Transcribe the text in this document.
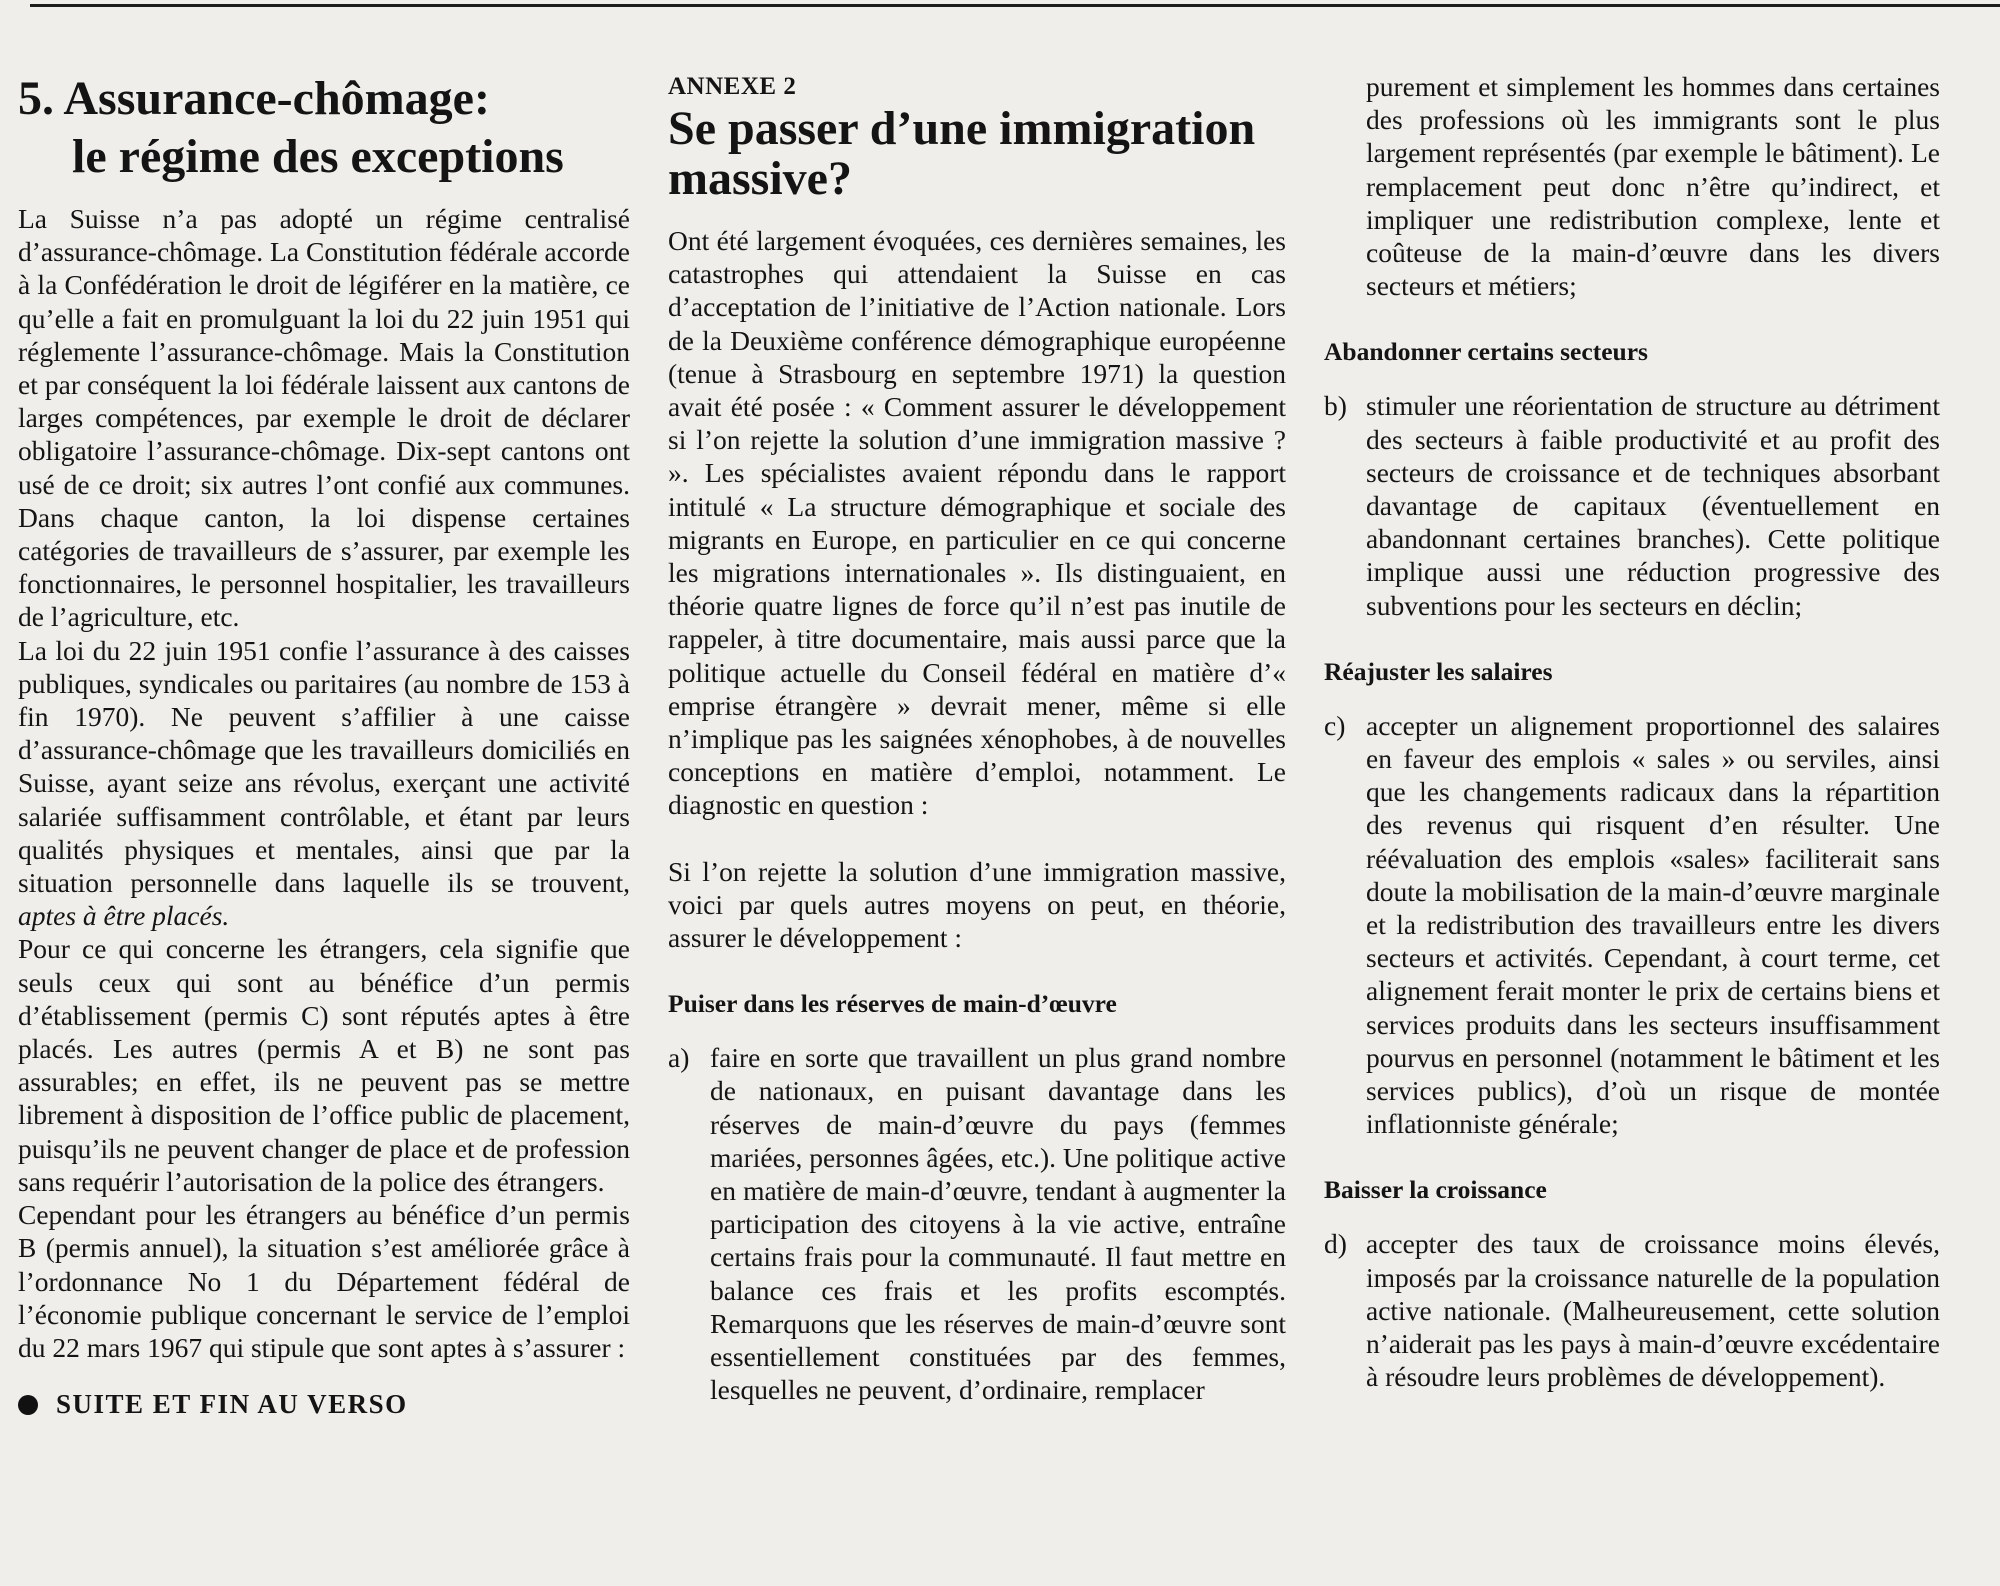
5. Assurance-chômage:
le régime des exceptions

La Suisse n’a pas adopté un régime centralisé d’assurance-chômage. La Constitution fédérale accorde à la Confédération le droit de légiférer en la matière, ce qu’elle a fait en promulguant la loi du 22 juin 1951 qui réglemente l’assurance-chômage. Mais la Constitution et par conséquent la loi fédérale laissent aux cantons de larges compétences, par exemple le droit de déclarer obligatoire l’assurance-chômage. Dix-sept cantons ont usé de ce droit; six autres l’ont confié aux communes. Dans chaque canton, la loi dispense certaines catégories de travailleurs de s’assurer, par exemple les fonctionnaires, le personnel hospitalier, les travailleurs de l’agriculture, etc.

La loi du 22 juin 1951 confie l’assurance à des caisses publiques, syndicales ou paritaires (au nombre de 153 à fin 1970). Ne peuvent s’affilier à une caisse d’assurance-chômage que les travailleurs domiciliés en Suisse, ayant seize ans révolus, exerçant une activité salariée suffisamment contrôlable, et étant par leurs qualités physiques et mentales, ainsi que par la situation personnelle dans laquelle ils se trouvent, aptes à être placés.

Pour ce qui concerne les étrangers, cela signifie que seuls ceux qui sont au bénéfice d’un permis d’établissement (permis C) sont réputés aptes à être placés. Les autres (permis A et B) ne sont pas assurables; en effet, ils ne peuvent pas se mettre librement à disposition de l’office public de placement, puisqu’ils ne peuvent changer de place et de profession sans requérir l’autorisation de la police des étrangers.

Cependant pour les étrangers au bénéfice d’un permis B (permis annuel), la situation s’est améliorée grâce à l’ordonnance No 1 du Département fédéral de l’économie publique concernant le service de l’emploi du 22 mars 1967 qui stipule que sont aptes à s’assurer :

SUITE ET FIN AU VERSO

ANNEXE 2

Se passer d’une immigration massive?

Ont été largement évoquées, ces dernières semaines, les catastrophes qui attendaient la Suisse en cas d’acceptation de l’initiative de l’Action nationale. Lors de la Deuxième conférence démographique européenne (tenue à Strasbourg en septembre 1971) la question avait été posée : « Comment assurer le développement si l’on rejette la solution d’une immigration massive ? ». Les spécialistes avaient répondu dans le rapport intitulé « La structure démographique et sociale des migrants en Europe, en particulier en ce qui concerne les migrations internationales ». Ils distinguaient, en théorie quatre lignes de force qu’il n’est pas inutile de rappeler, à titre documentaire, mais aussi parce que la politique actuelle du Conseil fédéral en matière d’« emprise étrangère » devrait mener, même si elle n’implique pas les saignées xénophobes, à de nouvelles conceptions en matière d’emploi, notamment. Le diagnostic en question :

Si l’on rejette la solution d’une immigration massive, voici par quels autres moyens on peut, en théorie, assurer le développement :

Puiser dans les réserves de main-d’œuvre
a) faire en sorte que travaillent un plus grand nombre de nationaux, en puisant davantage dans les réserves de main-d’œuvre du pays (femmes mariées, personnes âgées, etc.). Une politique active en matière de main-d’œuvre, tendant à augmenter la participation des citoyens à la vie active, entraîne certains frais pour la communauté. Il faut mettre en balance ces frais et les profits escomptés. Remarquons que les réserves de main-d’œuvre sont essentiellement constituées par des femmes, lesquelles ne peuvent, d’ordinaire, remplacer
purement et simplement les hommes dans certaines des professions où les immigrants sont le plus largement représentés (par exemple le bâtiment). Le remplacement peut donc n’être qu’indirect, et impliquer une redistribution complexe, lente et coûteuse de la main-d’œuvre dans les divers secteurs et métiers;
Abandonner certains secteurs
b) stimuler une réorientation de structure au détriment des secteurs à faible productivité et au profit des secteurs de croissance et de techniques absorbant davantage de capitaux (éventuellement en abandonnant certaines branches). Cette politique implique aussi une réduction progressive des subventions pour les secteurs en déclin;
Réajuster les salaires
c) accepter un alignement proportionnel des salaires en faveur des emplois « sales » ou serviles, ainsi que les changements radicaux dans la répartition des revenus qui risquent d’en résulter. Une réévaluation des emplois «sales» faciliterait sans doute la mobilisation de la main-d’œuvre marginale et la redistribution des travailleurs entre les divers secteurs et activités. Cependant, à court terme, cet alignement ferait monter le prix de certains biens et services produits dans les secteurs insuffisamment pourvus en personnel (notamment le bâtiment et les services publics), d’où un risque de montée inflationniste générale;
Baisser la croissance
d) accepter des taux de croissance moins élevés, imposés par la croissance naturelle de la population active nationale. (Malheureusement, cette solution n’aiderait pas les pays à main-d’œuvre excédentaire à résoudre leurs problèmes de développement).
